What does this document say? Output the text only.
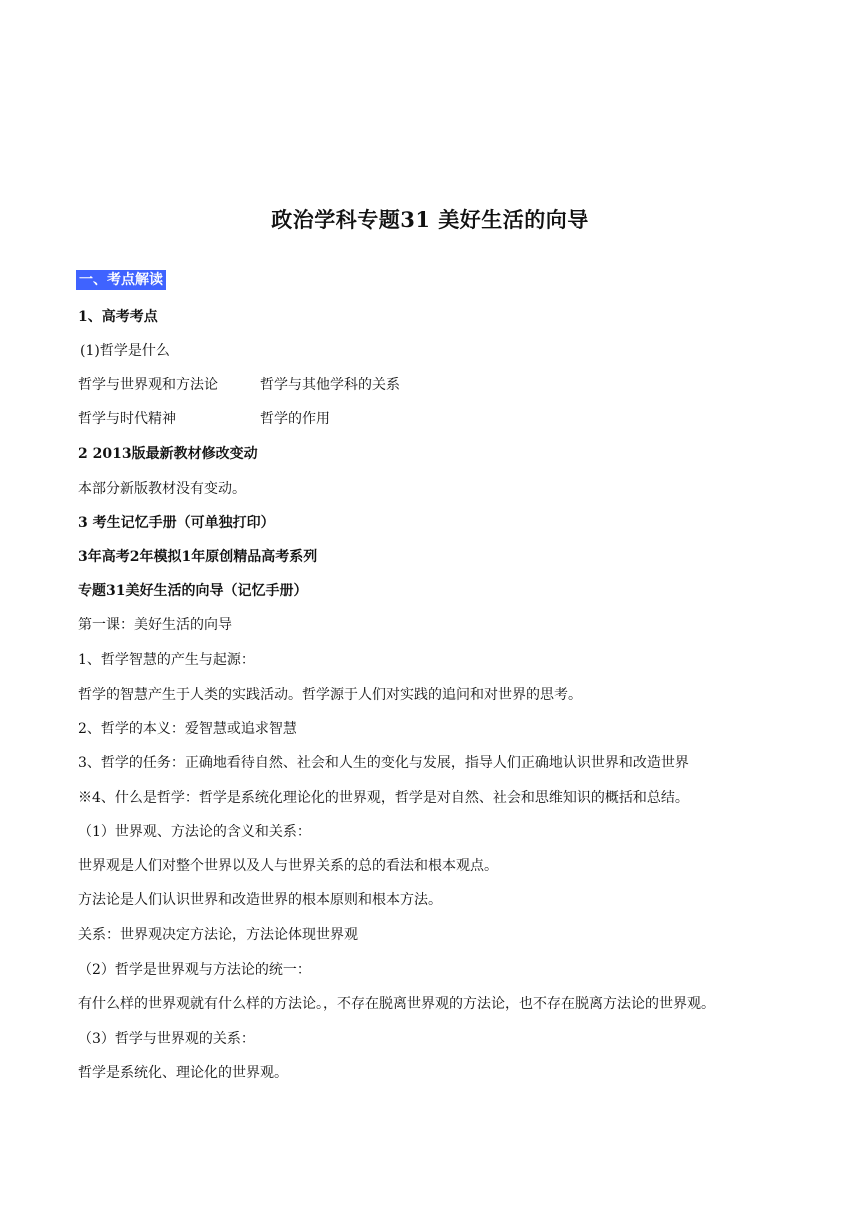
政治学科专题31 美好生活的向导
一、考点解读
1、高考考点
(1)哲学是什么
哲学与世界观和方法论	哲学与其他学科的关系
哲学与时代精神	哲学的作用
2 2013版最新教材修改变动
本部分新版教材没有变动。
3 考生记忆手册（可单独打印）
3年高考2年模拟1年原创精品高考系列
专题31美好生活的向导（记忆手册）
第一课：美好生活的向导
1、哲学智慧的产生与起源：
哲学的智慧产生于人类的实践活动。哲学源于人们对实践的追问和对世界的思考。
2、哲学的本义：爱智慧或追求智慧
3、哲学的任务：正确地看待自然、社会和人生的变化与发展，指导人们正确地认识世界和改造世界
※4、什么是哲学：哲学是系统化理论化的世界观，哲学是对自然、社会和思维知识的概括和总结。
（1）世界观、方法论的含义和关系：
世界观是人们对整个世界以及人与世界关系的总的看法和根本观点。
方法论是人们认识世界和改造世界的根本原则和根本方法。
关系：世界观决定方法论，方法论体现世界观
（2）哲学是世界观与方法论的统一：
有什么样的世界观就有什么样的方法论。，不存在脱离世界观的方法论，也不存在脱离方法论的世界观。
（3）哲学与世界观的关系：
哲学是系统化、理论化的世界观。
